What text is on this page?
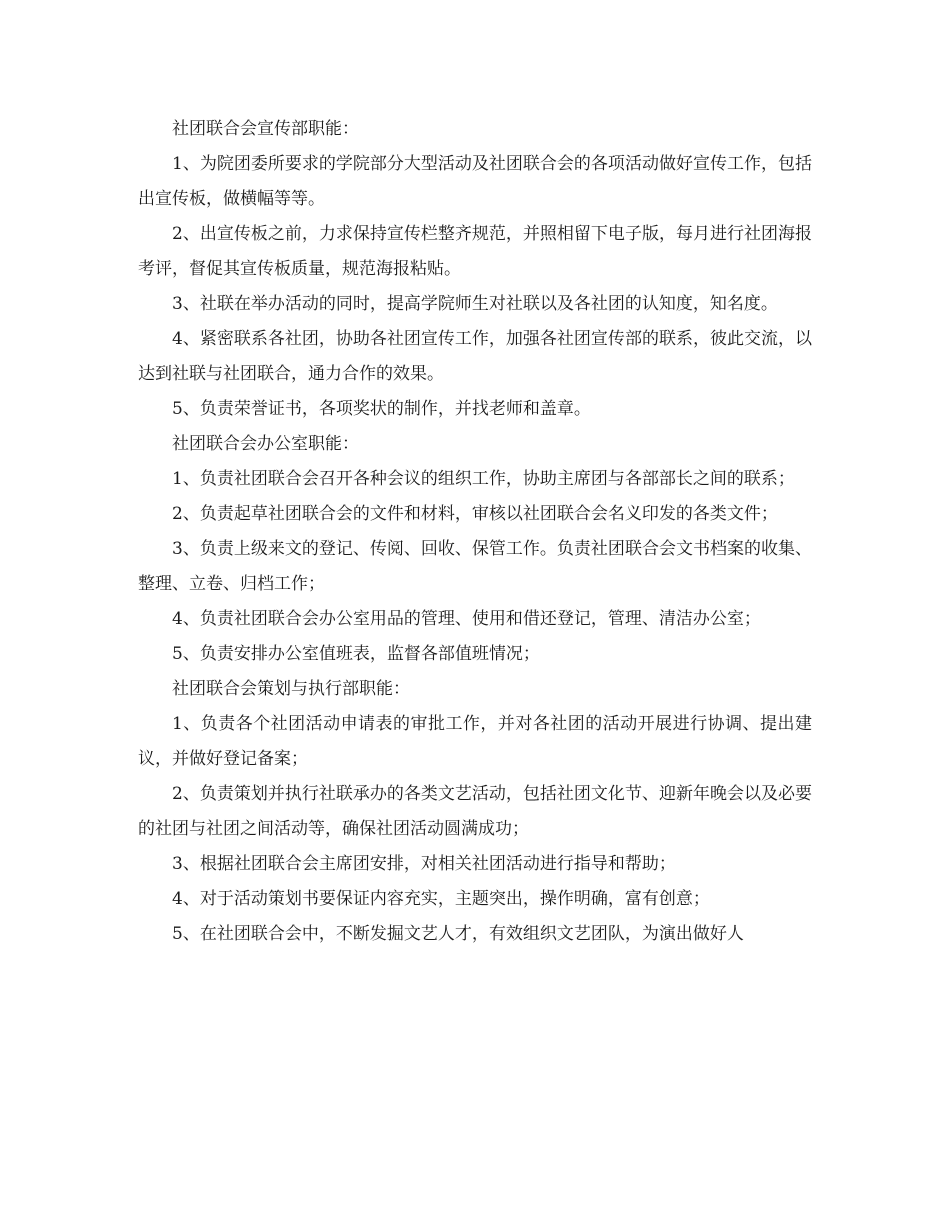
社团联合会宣传部职能：

1、为院团委所要求的学院部分大型活动及社团联合会的各项活动做好宣传工作，包括出宣传板，做横幅等等。

2、出宣传板之前，力求保持宣传栏整齐规范，并照相留下电子版，每月进行社团海报考评，督促其宣传板质量，规范海报粘贴。

3、社联在举办活动的同时，提高学院师生对社联以及各社团的认知度，知名度。

4、紧密联系各社团，协助各社团宣传工作，加强各社团宣传部的联系，彼此交流，以达到社联与社团联合，通力合作的效果。

5、负责荣誉证书，各项奖状的制作，并找老师和盖章。

社团联合会办公室职能：

1、负责社团联合会召开各种会议的组织工作，协助主席团与各部部长之间的联系；

2、负责起草社团联合会的文件和材料，审核以社团联合会名义印发的各类文件；

3、负责上级来文的登记、传阅、回收、保管工作。负责社团联合会文书档案的收集、整理、立卷、归档工作；

4、负责社团联合会办公室用品的管理、使用和借还登记，管理、清洁办公室；

5、负责安排办公室值班表，监督各部值班情况；

社团联合会策划与执行部职能：

1、负责各个社团活动申请表的审批工作，并对各社团的活动开展进行协调、提出建议，并做好登记备案；

2、负责策划并执行社联承办的各类文艺活动，包括社团文化节、迎新年晚会以及必要的社团与社团之间活动等，确保社团活动圆满成功；

3、根据社团联合会主席团安排，对相关社团活动进行指导和帮助；

4、对于活动策划书要保证内容充实，主题突出，操作明确，富有创意；

5、在社团联合会中，不断发掘文艺人才，有效组织文艺团队，为演出做好人
